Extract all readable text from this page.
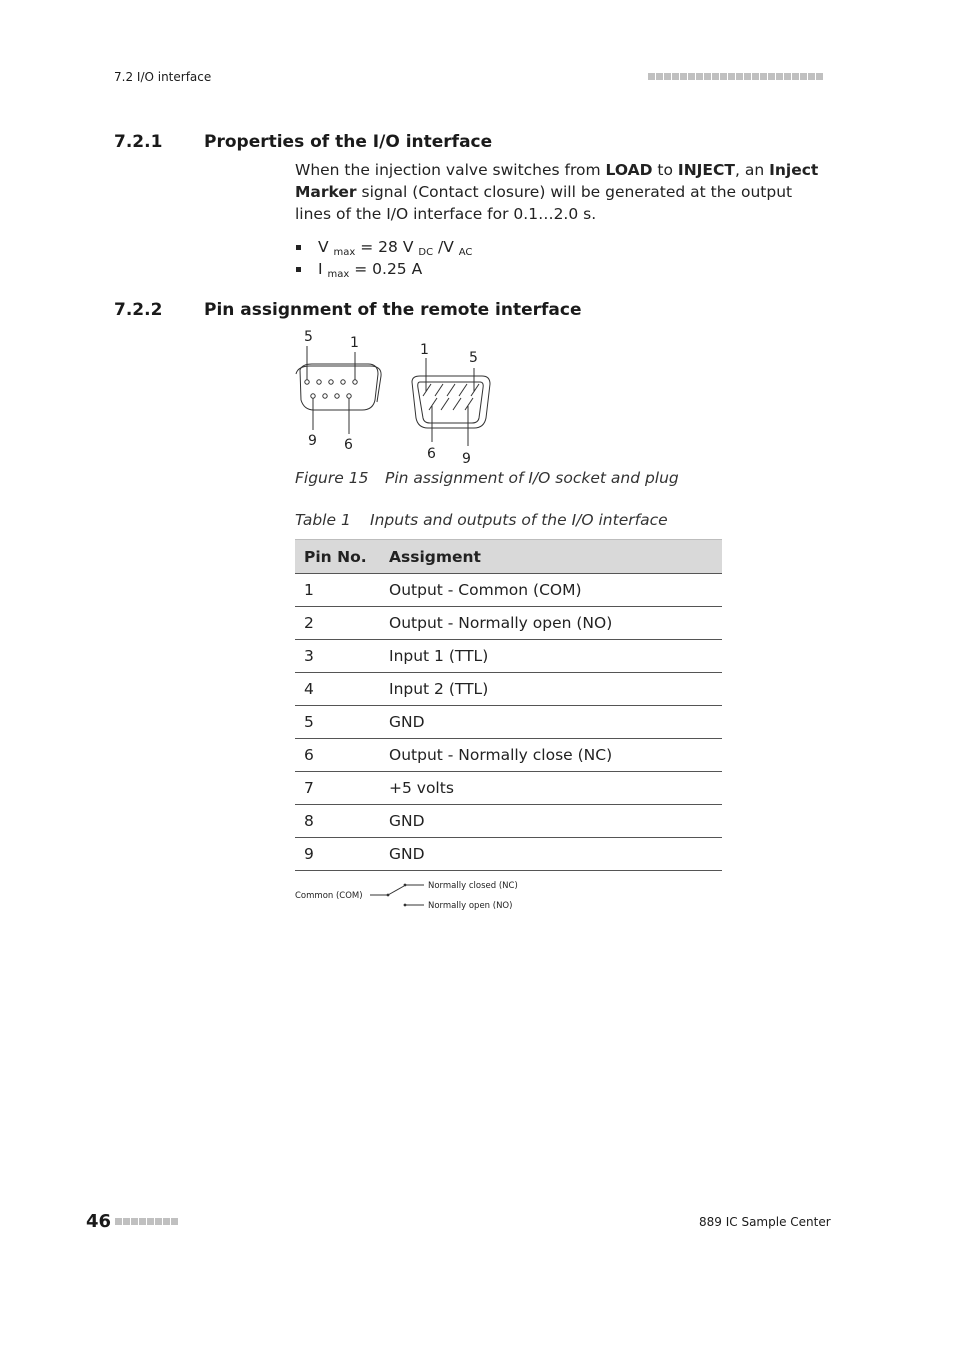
7.2 I/O interface
7.2.1 Properties of the I/O interface
When the injection valve switches from LOAD to INJECT, an Inject Marker signal (Contact closure) will be generated at the output lines of the I/O interface for 0.1…2.0 s.
V $_{max}$ = 28 V $_{DC}$ /V $_{AC}$
I $_{max}$ = 0.25 A
7.2.2 Pin assignment of the remote interface
5	1
9 6
1	5
6 9
Figure 15 Pin assignment of I/O socket and plug
Table 1 Inputs and outputs of the I/O interface
Pin No.	Assigment
1	Output - Common (COM)
2	Output - Normally open (NO)
3	Input 1 (TTL)
4	Input 2 (TTL)
5	GND
6	Output - Normally close (NC)
7	+5 volts
8	GND
9	GND
Common (COM)
Normally closed (NC)
Normally open (NO)
46	889 IC Sample Center
